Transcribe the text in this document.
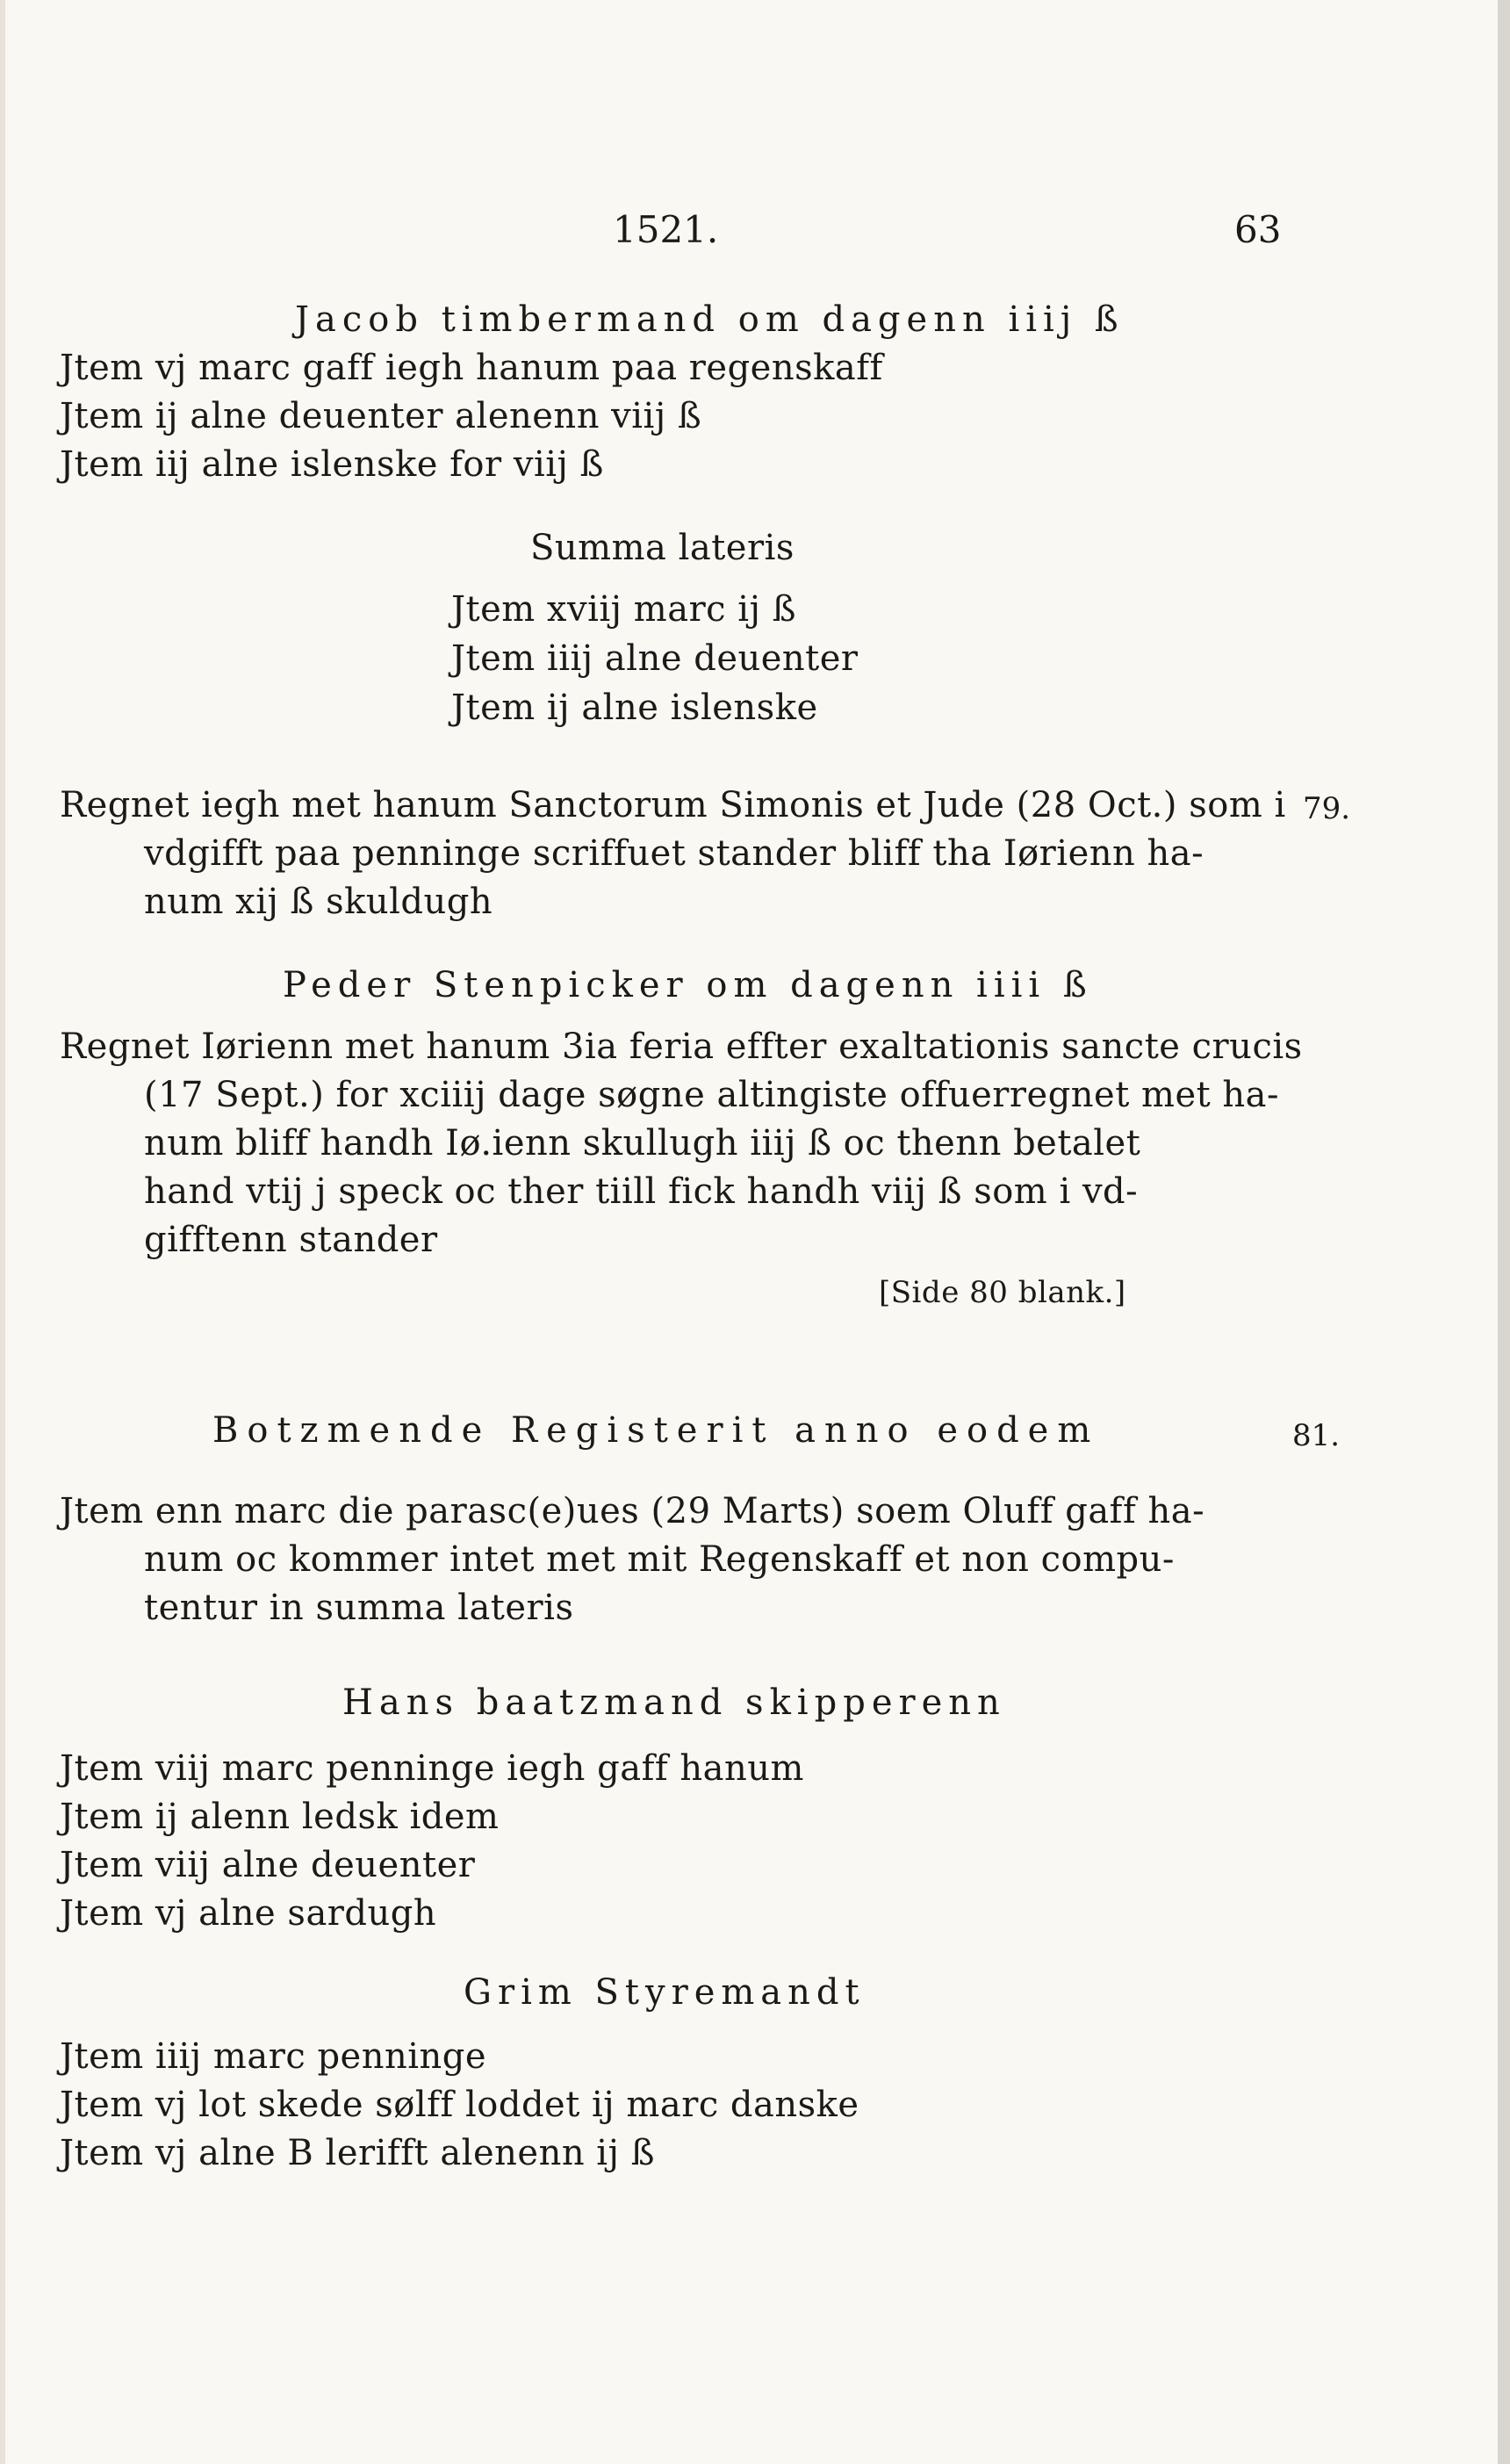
1521.	63
Jacob timbermand om dagenn iiij ß
Jtem vj marc gaff iegh hanum paa regenskaff
Jtem ij alne deuenter alenenn viij ß
Jtem iij alne islenske for viij ß
Summa lateris
Jtem xviij marc ij ß
Jtem iiij alne deuenter
Jtem ij alne islenske
Regnet iegh met hanum Sanctorum Simonis et Jude (28 Oct.) som i 79.
vdgifft paa penninge scriffuet stander bliff tha Iørienn ha-
num xij ß skuldugh
Peder Stenpicker om dagenn iiii ß
Regnet Iørienn met hanum 3ia feria effter exaltationis sancte crucis
(17 Sept.) for xciiij dage søgne altingiste offuerregnet met ha-
num bliff handh Iø.ienn skullugh iiij ß oc thenn betalet
hand vtij j speck oc ther tiill fick handh viij ß som i vd-
gifftenn stander
[Side 80 blank.]
Botzmende Registerit anno eodem	81.
Jtem enn marc die parasc(e)ues (29 Marts) soem Oluff gaff ha-
num oc kommer intet met mit Regenskaff et non compu-
tentur in summa lateris
Hans baatzmand skipperenn
Jtem viij marc penninge iegh gaff hanum
Jtem ij alenn ledsk idem
Jtem viij alne deuenter
Jtem vj alne sardugh
Grim Styremandt
Jtem iiij marc penninge
Jtem vj lot skede sølff loddet ij marc danske
Jtem vj alne B lerifft alenenn ij ß
